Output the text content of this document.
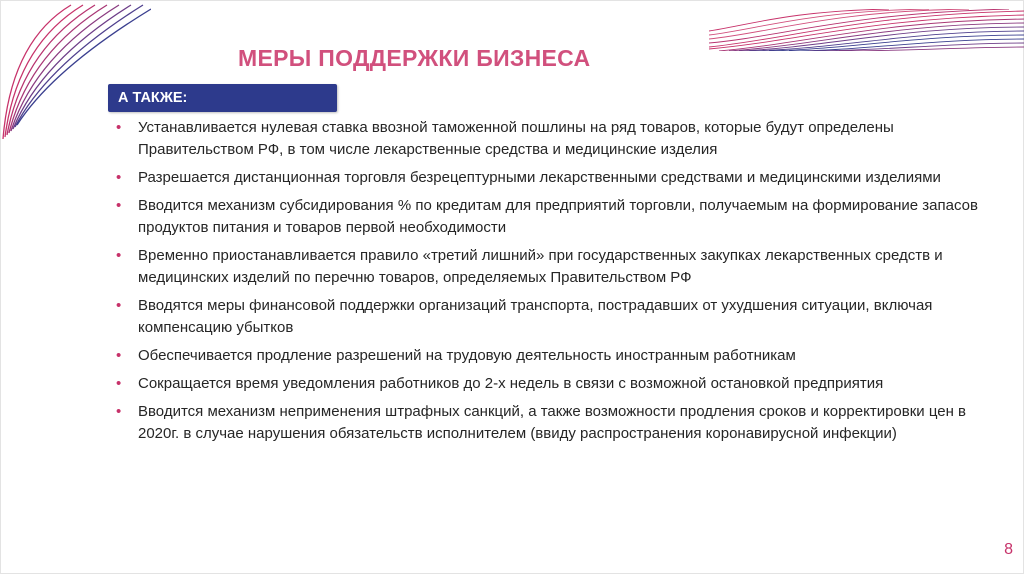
МЕРЫ ПОДДЕРЖКИ БИЗНЕСА
А ТАКЖЕ:
• Устанавливается нулевая ставка ввозной таможенной пошлины на ряд товаров, которые будут определены Правительством РФ, в том числе лекарственные средства и медицинские изделия
• Разрешается дистанционная торговля безрецептурными лекарственными средствами и медицинскими изделиями
• Вводится механизм субсидирования % по кредитам для предприятий торговли, получаемым на формирование запасов продуктов питания и товаров первой необходимости
• Временно приостанавливается правило «третий лишний» при государственных закупках лекарственных средств и медицинских изделий по перечню товаров, определяемых Правительством РФ
• Вводятся меры финансовой поддержки организаций транспорта, пострадавших от ухудшения ситуации, включая компенсацию убытков
• Обеспечивается продление разрешений на трудовую деятельность иностранным работникам
• Сокращается время уведомления работников до 2-х недель в связи с возможной остановкой предприятия
• Вводится механизм неприменения штрафных санкций, а также возможности продления сроков и корректировки цен в 2020г. в случае нарушения обязательств исполнителем (ввиду распространения коронавирусной инфекции)
8
